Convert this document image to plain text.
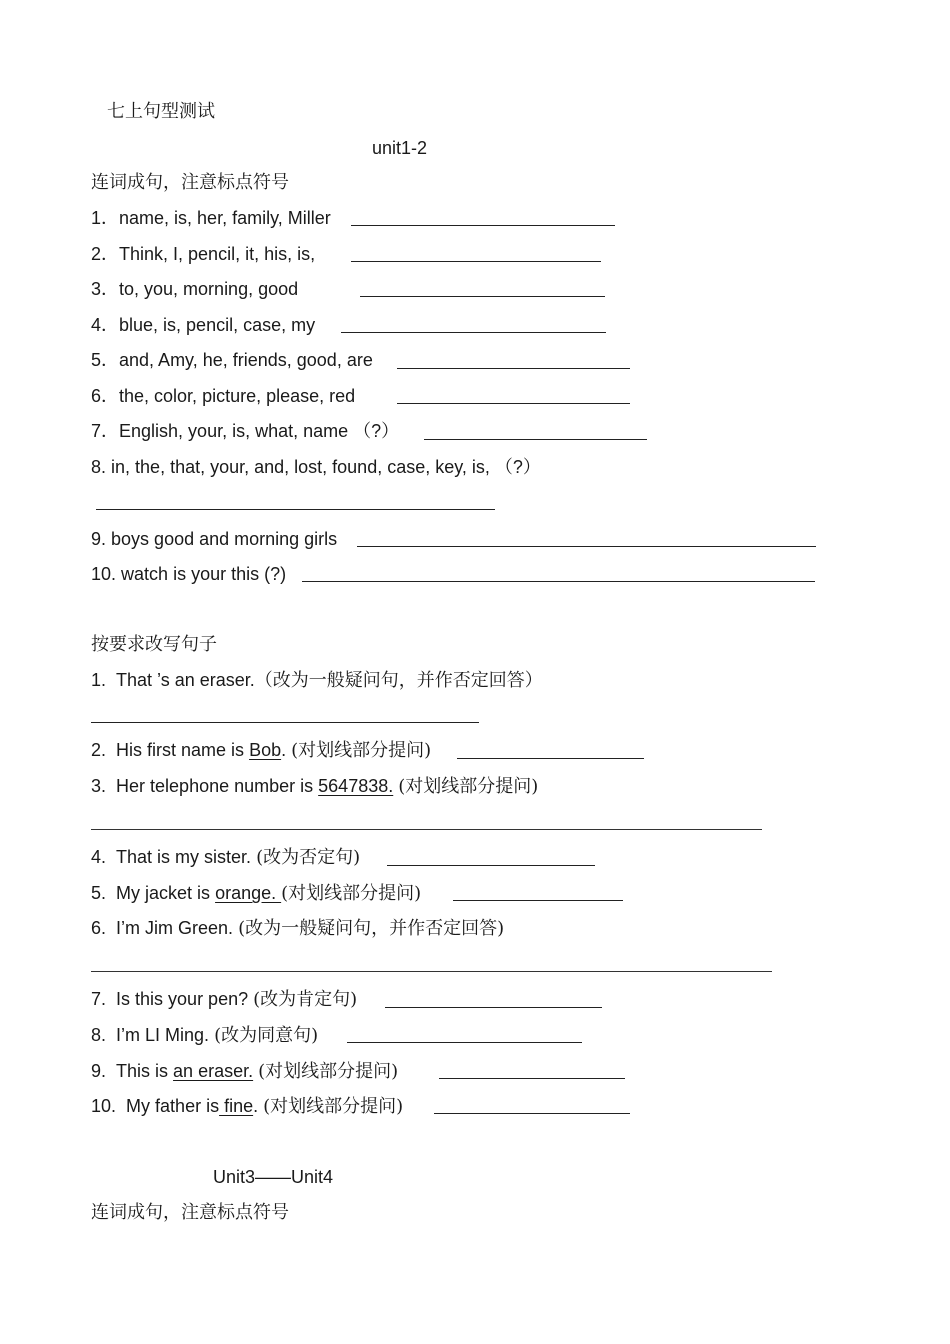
七上句型测试
unit1-2
连词成句，注意标点符号
1．name, is, her, family, Miller
2．Think, I, pencil, it, his, is,
3．to, you, morning, good
4．blue, is, pencil, case, my
5．and, Amy, he, friends, good, are
6．the, color, picture, please, red
7．English, your, is, what, name （?）
8. in, the, that, your, and, lost, found, case, key, is, （?）
9. boys good and morning girls
10. watch is your this (?)
按要求改写句子
1. That ’s an eraser.（改为一般疑问句，并作否定回答）
2. His first name is Bob. (对划线部分提问)
3. Her telephone number is 5647838. (对划线部分提问)
4. That is my sister. (改为否定句)
5. My jacket is orange. (对划线部分提问)
6. I’m Jim Green. (改为一般疑问句，并作否定回答)
7. Is this your pen? (改为肯定句)
8. I’m LI Ming. (改为同意句)
9. This is an eraser. (对划线部分提问)
10. My father is fine. (对划线部分提问)
Unit3——Unit4
连词成句，注意标点符号
